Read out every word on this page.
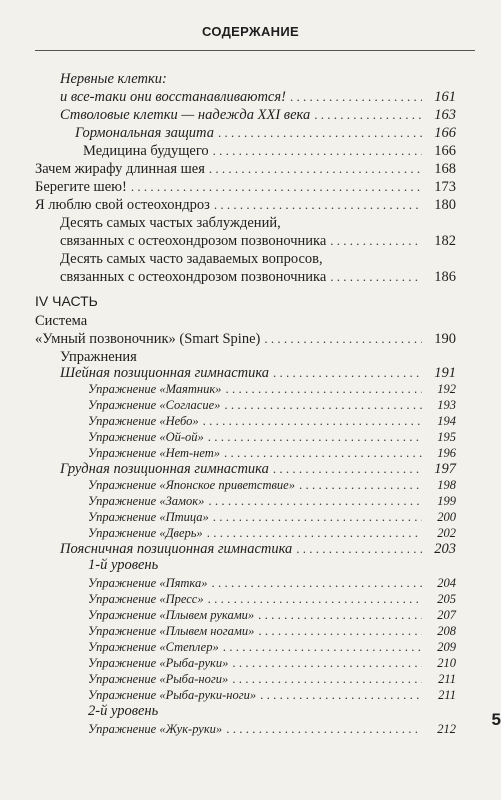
СОДЕРЖАНИЕ
Нервные клетки:
и все-таки они восстанавливаются! . . .	161
Стволовые клетки — надежда XXI века . . .	163
Гормональная защита . . .	166
Медицина будущего . . .	166
Зачем жирафу длинная шея . . .	168
Берегите шею! . . .	173
Я люблю свой остеохондроз . . .	180
Десять самых частых заблуждений,
связанных с остеохондрозом позвоночника . . .	182
Десять самых часто задаваемых вопросов,
связанных с остеохондрозом позвоночника . . .	186
IV ЧАСТЬ
Система
«Умный позвоночник» (Smart Spine) . . .	190
Упражнения
Шейная позиционная гимнастика . . .	191
Упражнение «Маятник» . . .	192
Упражнение «Согласие» . . .	193
Упражнение «Небо» . . .	194
Упражнение «Ой-ой» . . .	195
Упражнение «Нет-нет» . . .	196
Грудная позиционная гимнастика . . .	197
Упражнение «Японское приветствие» . . .	198
Упражнение «Замок» . . .	199
Упражнение «Птица» . . .	200
Упражнение «Дверь» . . .	202
Поясничная позиционная гимнастика . . .	203
1-й уровень
Упражнение «Пятка» . . .	204
Упражнение «Пресс» . . .	205
Упражнение «Плывем руками» . . .	207
Упражнение «Плывем ногами» . . .	208
Упражнение «Степлер» . . .	209
Упражнение «Рыба-руки» . . .	210
Упражнение «Рыба-ноги» . . .	211
Упражнение «Рыба-руки-ноги» . . .	211
2-й уровень
Упражнение «Жук-руки» . . .	212 5
